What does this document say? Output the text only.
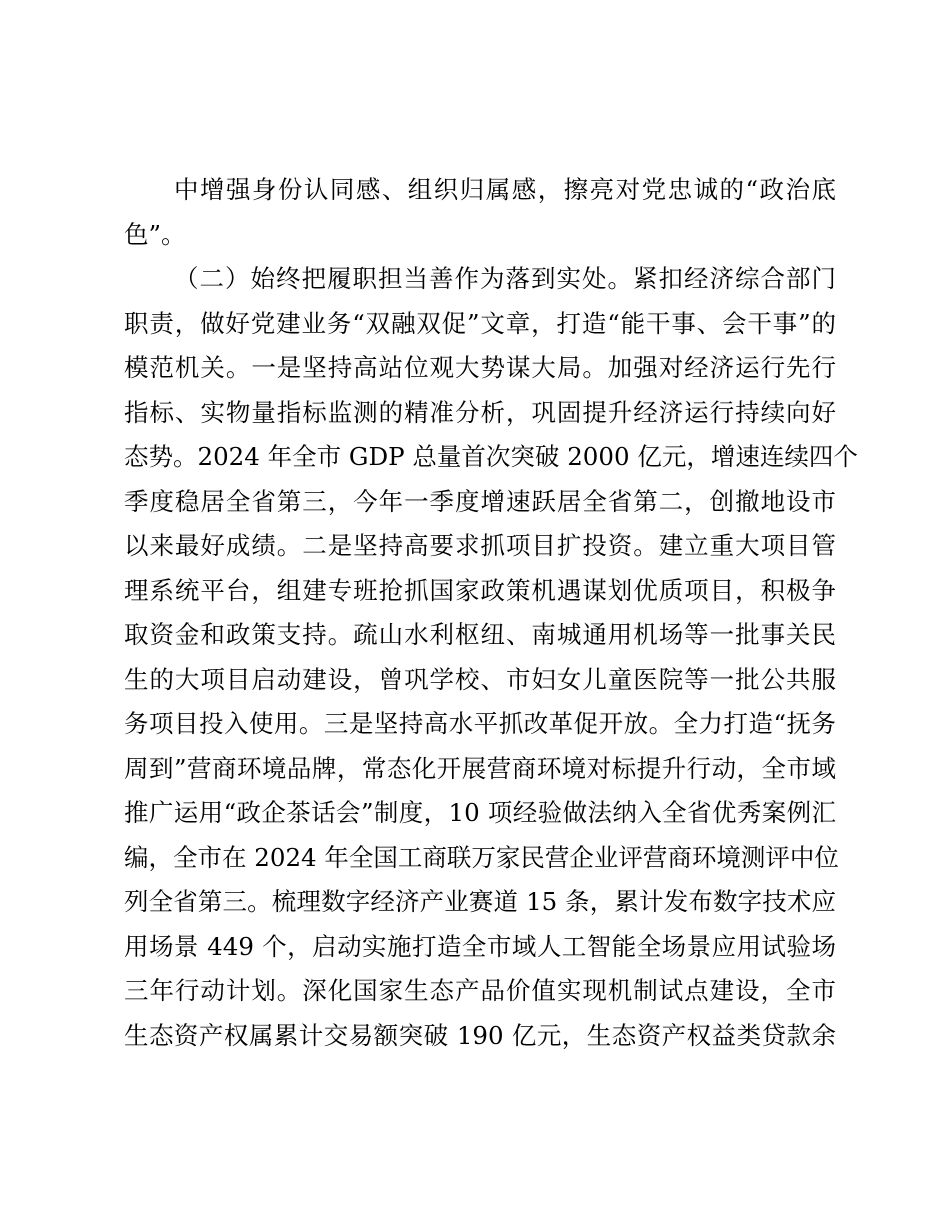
中增强身份认同感、组织归属感，擦亮对党忠诚的“政治底
色”。
（二）始终把履职担当善作为落到实处。紧扣经济综合部门
职责，做好党建业务“双融双促”文章，打造“能干事、会干事”的
模范机关。一是坚持高站位观大势谋大局。加强对经济运行先行
指标、实物量指标监测的精准分析，巩固提升经济运行持续向好
态势。2024 年全市 GDP 总量首次突破 2000 亿元，增速连续四个
季度稳居全省第三，今年一季度增速跃居全省第二，创撤地设市
以来最好成绩。二是坚持高要求抓项目扩投资。建立重大项目管
理系统平台，组建专班抢抓国家政策机遇谋划优质项目，积极争
取资金和政策支持。疏山水利枢纽、南城通用机场等一批事关民
生的大项目启动建设，曾巩学校、市妇女儿童医院等一批公共服
务项目投入使用。三是坚持高水平抓改革促开放。全力打造“抚务
周到”营商环境品牌，常态化开展营商环境对标提升行动，全市域
推广运用“政企茶话会”制度，10 项经验做法纳入全省优秀案例汇
编，全市在 2024 年全国工商联万家民营企业评营商环境测评中位
列全省第三。梳理数字经济产业赛道 15 条，累计发布数字技术应
用场景 449 个，启动实施打造全市域人工智能全场景应用试验场
三年行动计划。深化国家生态产品价值实现机制试点建设，全市
生态资产权属累计交易额突破 190 亿元，生态资产权益类贷款余
